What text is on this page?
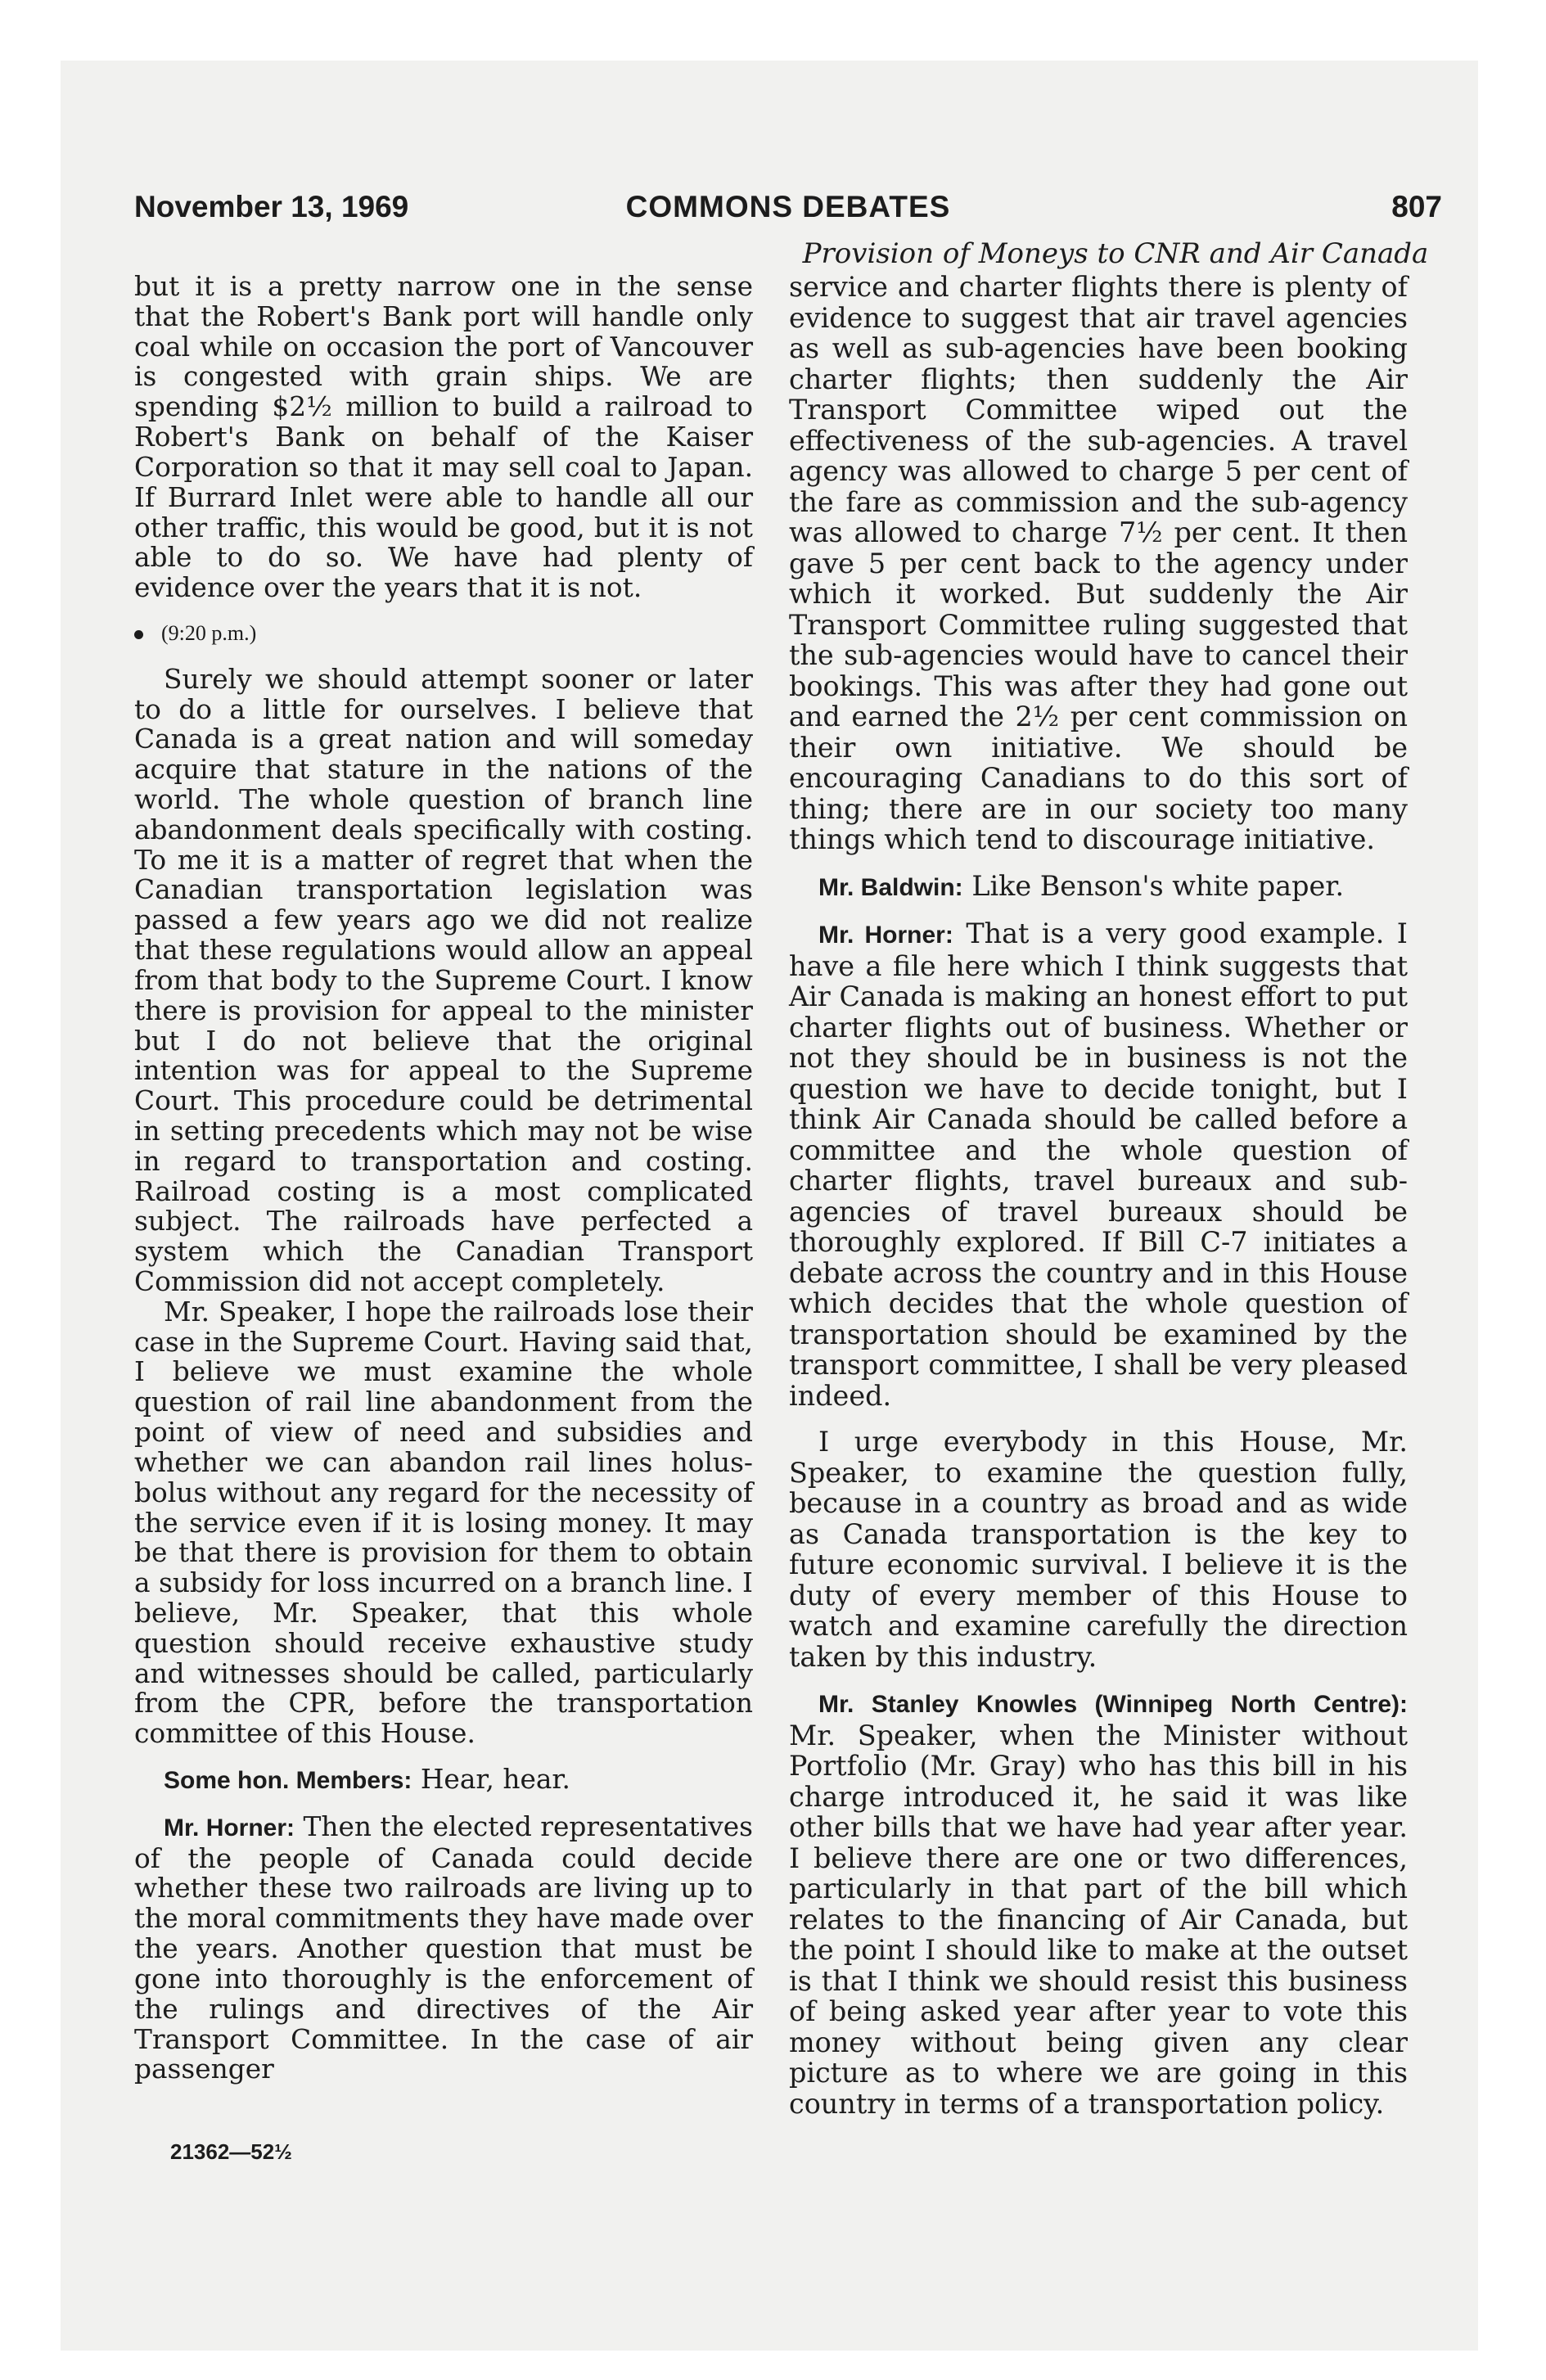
November 13, 1969	COMMONS DEBATES	807
Provision of Moneys to CNR and Air Canada

but it is a pretty narrow one in the sense that the Robert's Bank port will handle only coal while on occasion the port of Vancouver is congested with grain ships. We are spending $2½ million to build a railroad to Robert's Bank on behalf of the Kaiser Corporation so that it may sell coal to Japan. If Burrard Inlet were able to handle all our other traffic, this would be good, but it is not able to do so. We have had plenty of evidence over the years that it is not.

(9:20 p.m.)

Surely we should attempt sooner or later to do a little for ourselves. I believe that Canada is a great nation and will someday acquire that stature in the nations of the world. The whole question of branch line abandonment deals specifically with costing. To me it is a matter of regret that when the Canadian transportation legislation was passed a few years ago we did not realize that these regulations would allow an appeal from that body to the Supreme Court. I know there is provision for appeal to the minister but I do not believe that the original intention was for appeal to the Supreme Court. This procedure could be detrimental in setting precedents which may not be wise in regard to transportation and costing. Railroad costing is a most complicated subject. The railroads have perfected a system which the Canadian Transport Commission did not accept completely.

Mr. Speaker, I hope the railroads lose their case in the Supreme Court. Having said that, I believe we must examine the whole question of rail line abandonment from the point of view of need and subsidies and whether we can abandon rail lines holus-bolus without any regard for the necessity of the service even if it is losing money. It may be that there is provision for them to obtain a subsidy for loss incurred on a branch line. I believe, Mr. Speaker, that this whole question should receive exhaustive study and witnesses should be called, particularly from the CPR, before the transportation committee of this House.

Some hon. Members: Hear, hear.

Mr. Horner: Then the elected representatives of the people of Canada could decide whether these two railroads are living up to the moral commitments they have made over the years. Another question that must be gone into thoroughly is the enforcement of the rulings and directives of the Air Transport Committee. In the case of air passenger

service and charter flights there is plenty of evidence to suggest that air travel agencies as well as sub-agencies have been booking charter flights; then suddenly the Air Transport Committee wiped out the effectiveness of the sub-agencies. A travel agency was allowed to charge 5 per cent of the fare as commission and the sub-agency was allowed to charge 7½ per cent. It then gave 5 per cent back to the agency under which it worked. But suddenly the Air Transport Committee ruling suggested that the sub-agencies would have to cancel their bookings. This was after they had gone out and earned the 2½ per cent commission on their own initiative. We should be encouraging Canadians to do this sort of thing; there are in our society too many things which tend to discourage initiative.

Mr. Baldwin: Like Benson's white paper.

Mr. Horner: That is a very good example. I have a file here which I think suggests that Air Canada is making an honest effort to put charter flights out of business. Whether or not they should be in business is not the question we have to decide tonight, but I think Air Canada should be called before a committee and the whole question of charter flights, travel bureaux and sub-agencies of travel bureaux should be thoroughly explored. If Bill C-7 initiates a debate across the country and in this House which decides that the whole question of transportation should be examined by the transport committee, I shall be very pleased indeed.

I urge everybody in this House, Mr. Speaker, to examine the question fully, because in a country as broad and as wide as Canada transportation is the key to future economic survival. I believe it is the duty of every member of this House to watch and examine carefully the direction taken by this industry.

Mr. Stanley Knowles (Winnipeg North Centre): Mr. Speaker, when the Minister without Portfolio (Mr. Gray) who has this bill in his charge introduced it, he said it was like other bills that we have had year after year. I believe there are one or two differences, particularly in that part of the bill which relates to the financing of Air Canada, but the point I should like to make at the outset is that I think we should resist this business of being asked year after year to vote this money without being given any clear picture as to where we are going in this country in terms of a transportation policy.

21362—52½
